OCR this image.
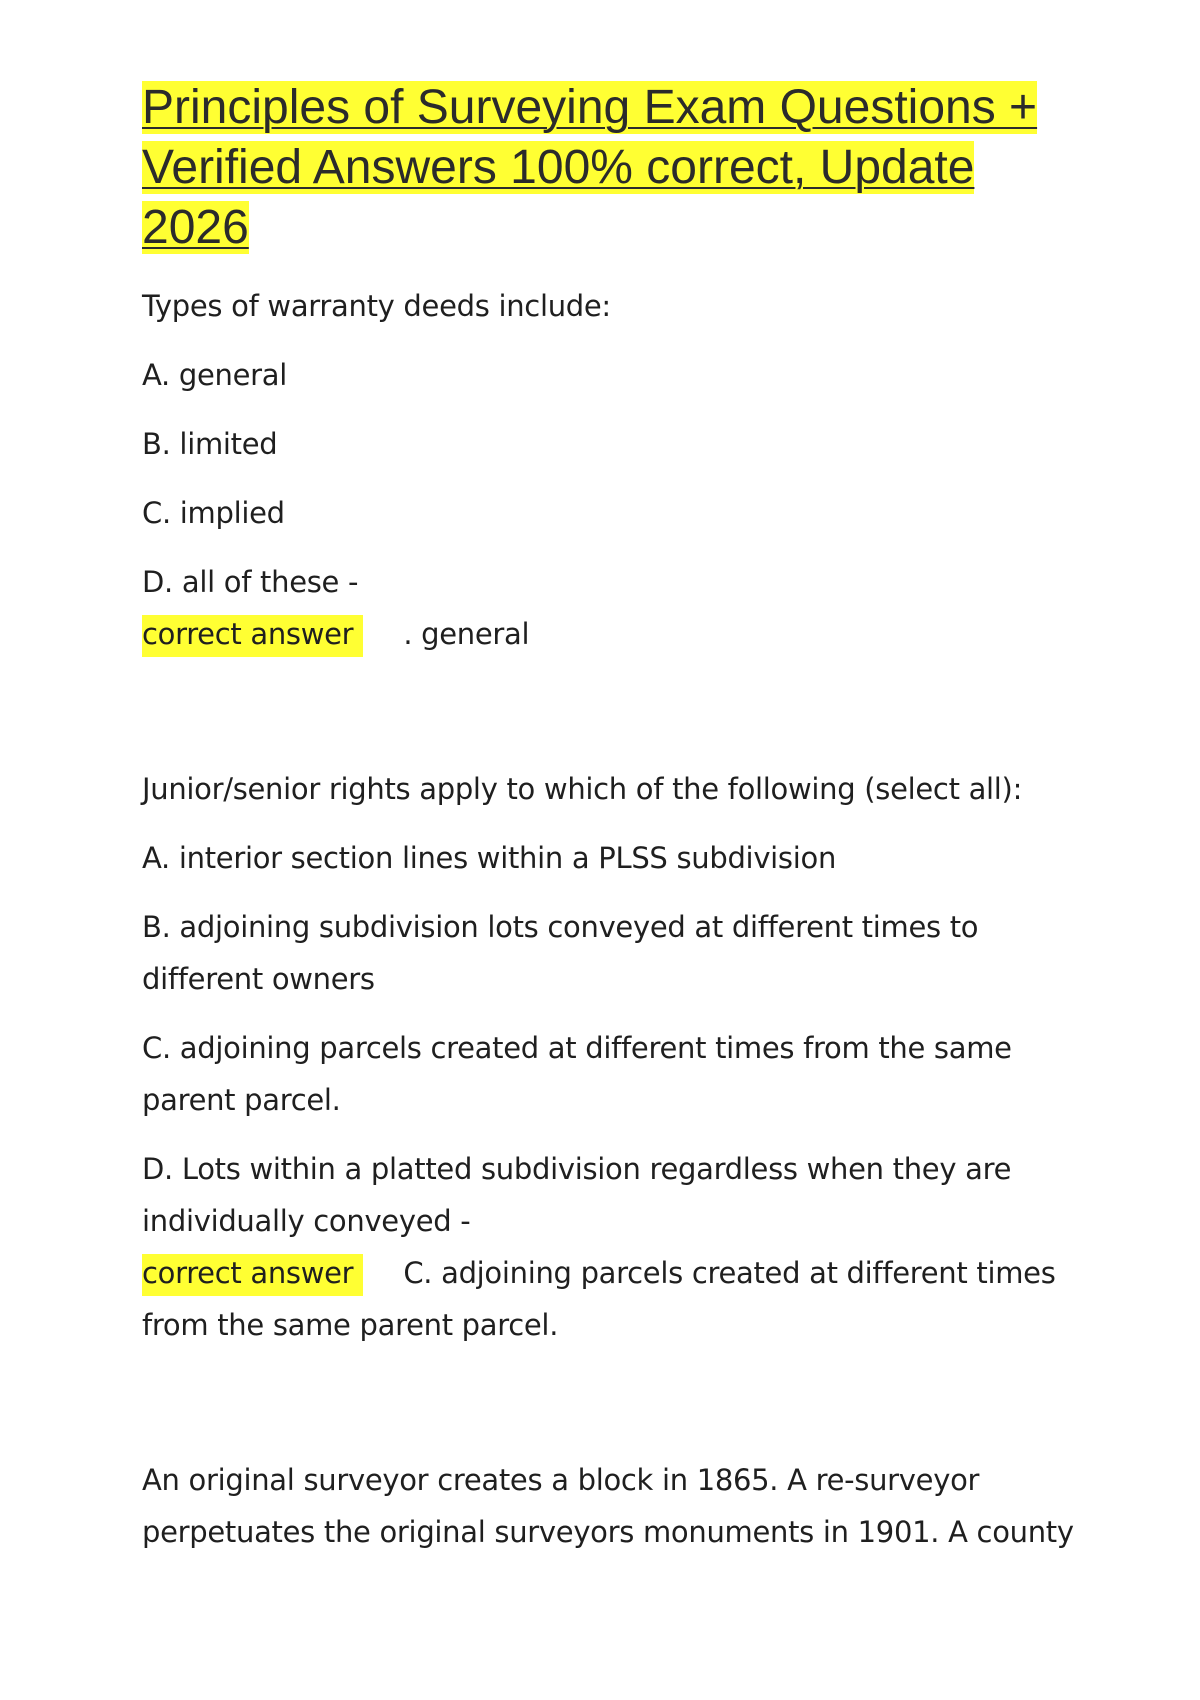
Principles of Surveying Exam Questions + Verified Answers 100% correct, Update 2026

Types of warranty deeds include:

A. general

B. limited

C. implied

D. all of these -

correct answer . general

Junior/senior rights apply to which of the following (select all):

A. interior section lines within a PLSS subdivision

B. adjoining subdivision lots conveyed at different times to different owners

C. adjoining parcels created at different times from the same parent parcel.

D. Lots within a platted subdivision regardless when they are individually conveyed -

correct answer C. adjoining parcels created at different times from the same parent parcel.

An original surveyor creates a block in 1865. A re-surveyor perpetuates the original surveyors monuments in 1901. A county
